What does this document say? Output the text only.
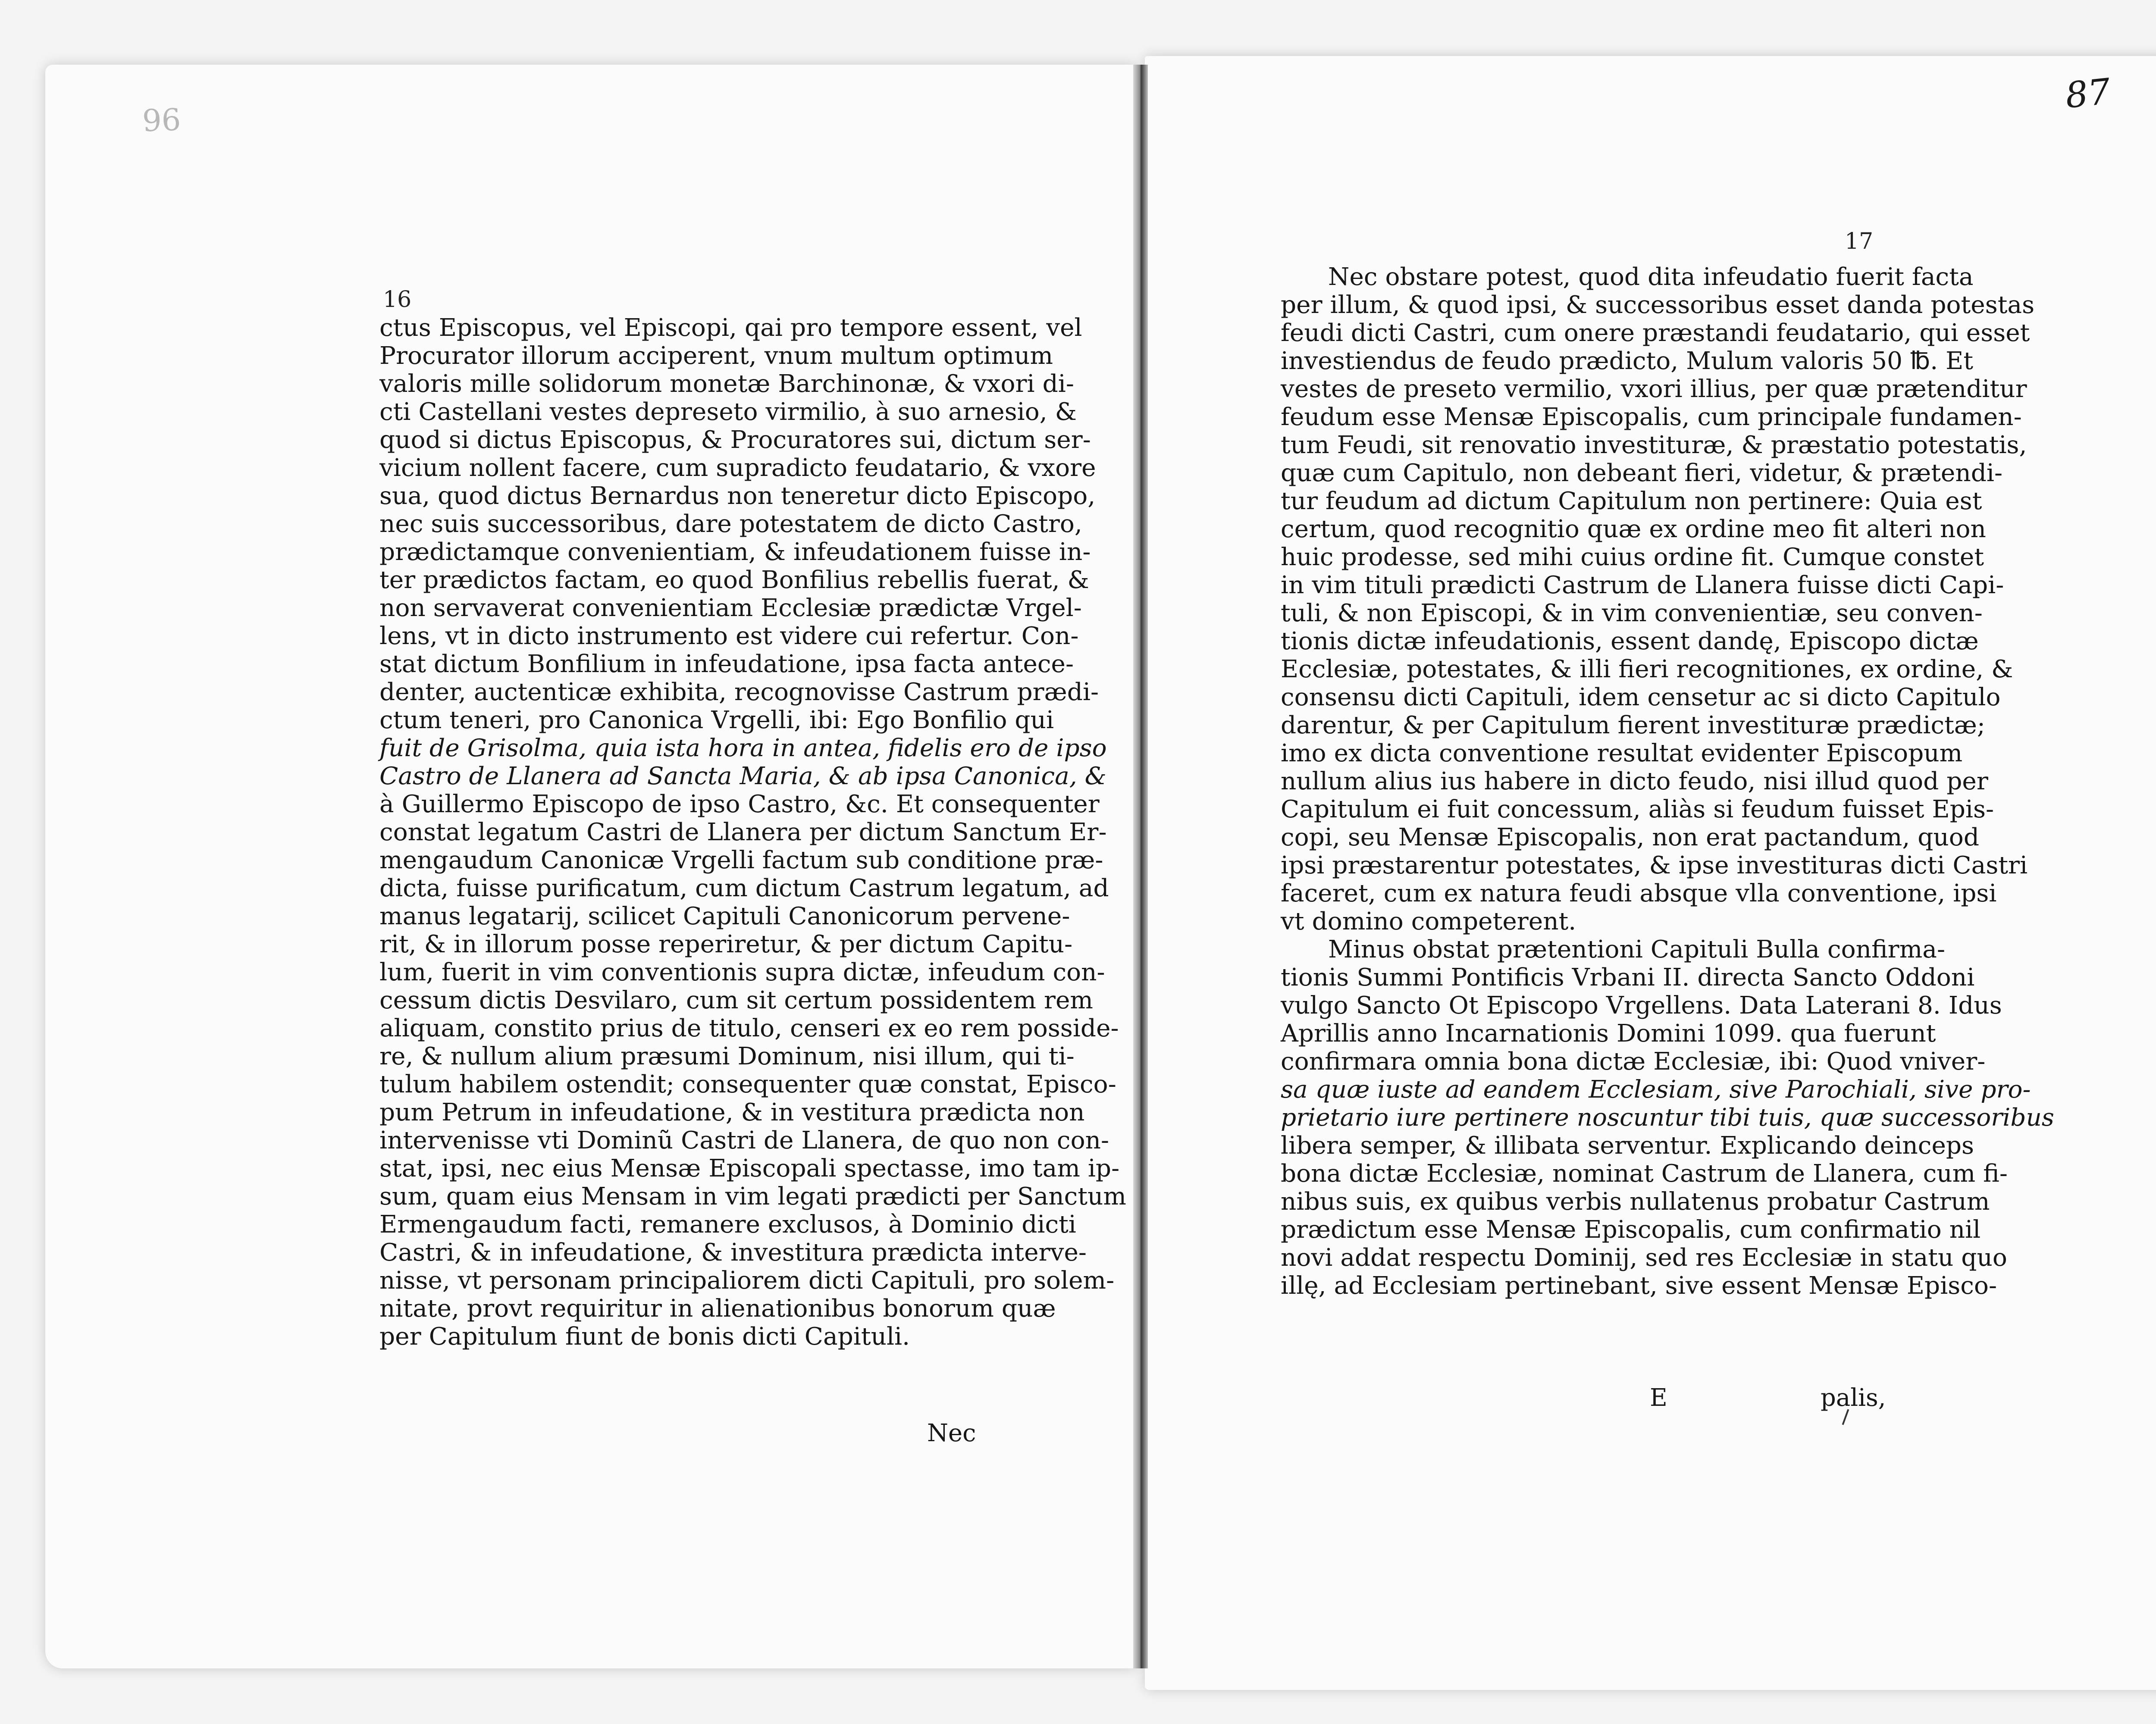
96
87
16
ctus Episcopus, vel Episcopi, qai pro tempore essent, vel
Procurator illorum acciperent, vnum multum optimum
valoris mille solidorum monetæ Barchinonæ, & vxori di-
cti Castellani vestes depreseto virmilio, à suo arnesio, &
quod si dictus Episcopus, & Procuratores sui, dictum ser-
vicium nollent facere, cum supradicto feudatario, & vxore
sua, quod dictus Bernardus non teneretur dicto Episcopo,
nec suis successoribus, dare potestatem de dicto Castro,
prædictamque convenientiam, & infeudationem fuisse in-
ter prædictos factam, eo quod Bonfilius rebellis fuerat, &
non servaverat convenientiam Ecclesiæ prædictæ Vrgel-
lens, vt in dicto instrumento est videre cui refertur. Con-
stat dictum Bonfilium in infeudatione, ipsa facta antece-
denter, auctenticæ exhibita, recognovisse Castrum prædi-
ctum teneri, pro Canonica Vrgelli, ibi: Ego Bonfilio qui
fuit de Grisolma, quia ista hora in antea, fidelis ero de ipso
Castro de Llanera ad Sancta Maria, & ab ipsa Canonica, &
à Guillermo Episcopo de ipso Castro, &c. Et consequenter
constat legatum Castri de Llanera per dictum Sanctum Er-
mengaudum Canonicæ Vrgelli factum sub conditione præ-
dicta, fuisse purificatum, cum dictum Castrum legatum, ad
manus legatarij, scilicet Capituli Canonicorum pervene-
rit, & in illorum posse reperiretur, & per dictum Capitu-
lum, fuerit in vim conventionis supra dictæ, infeudum con-
cessum dictis Desvilaro, cum sit certum possidentem rem
aliquam, constito prius de titulo, censeri ex eo rem posside-
re, & nullum alium præsumi Dominum, nisi illum, qui ti-
tulum habilem ostendit; consequenter quæ constat, Episco-
pum Petrum in infeudatione, & in vestitura prædicta non
intervenisse vti Dominũ Castri de Llanera, de quo non con-
stat, ipsi, nec eius Mensæ Episcopali spectasse, imo tam ip-
sum, quam eius Mensam in vim legati prædicti per Sanctum
Ermengaudum facti, remanere exclusos, à Dominio dicti
Castri, & in infeudatione, & investitura prædicta interve-
nisse, vt personam principaliorem dicti Capituli, pro solem-
nitate, provt requiritur in alienationibus bonorum quæ
per Capitulum fiunt de bonis dicti Capituli.
Nec
17
Nec obstare potest, quod dita infeudatio fuerit facta
per illum, & quod ipsi, & successoribus esset danda potestas
feudi dicti Castri, cum onere præstandi feudatario, qui esset
investiendus de feudo prædicto, Mulum valoris 50 ℔. Et
vestes de preseto vermilio, vxori illius, per quæ prætenditur
feudum esse Mensæ Episcopalis, cum principale fundamen-
tum Feudi, sit renovatio investituræ, & præstatio potestatis,
quæ cum Capitulo, non debeant fieri, videtur, & prætendi-
tur feudum ad dictum Capitulum non pertinere: Quia est
certum, quod recognitio quæ ex ordine meo fit alteri non
huic prodesse, sed mihi cuius ordine fit. Cumque constet
in vim tituli prædicti Castrum de Llanera fuisse dicti Capi-
tuli, & non Episcopi, & in vim convenientiæ, seu conven-
tionis dictæ infeudationis, essent dandę, Episcopo dictæ
Ecclesiæ, potestates, & illi fieri recognitiones, ex ordine, &
consensu dicti Capituli, idem censetur ac si dicto Capitulo
darentur, & per Capitulum fierent investituræ prædictæ;
imo ex dicta conventione resultat evidenter Episcopum
nullum alius ius habere in dicto feudo, nisi illud quod per
Capitulum ei fuit concessum, aliàs si feudum fuisset Epis-
copi, seu Mensæ Episcopalis, non erat pactandum, quod
ipsi præstarentur potestates, & ipse investituras dicti Castri
faceret, cum ex natura feudi absque vlla conventione, ipsi
vt domino competerent.
Minus obstat prætentioni Capituli Bulla confirma-
tionis Summi Pontificis Vrbani II. directa Sancto Oddoni
vulgo Sancto Ot Episcopo Vrgellens. Data Laterani 8. Idus
Aprillis anno Incarnationis Domini 1099. qua fuerunt
confirmara omnia bona dictæ Ecclesiæ, ibi: Quod vniver-
sa quæ iuste ad eandem Ecclesiam, sive Parochiali, sive pro-
prietario iure pertinere noscuntur tibi tuis, quæ successoribus
libera semper, & illibata serventur. Explicando deinceps
bona dictæ Ecclesiæ, nominat Castrum de Llanera, cum fi-
nibus suis, ex quibus verbis nullatenus probatur Castrum
prædictum esse Mensæ Episcopalis, cum confirmatio nil
novi addat respectu Dominij, sed res Ecclesiæ in statu quo
illę, ad Ecclesiam pertinebant, sive essent Mensæ Episco-
E	palis,
